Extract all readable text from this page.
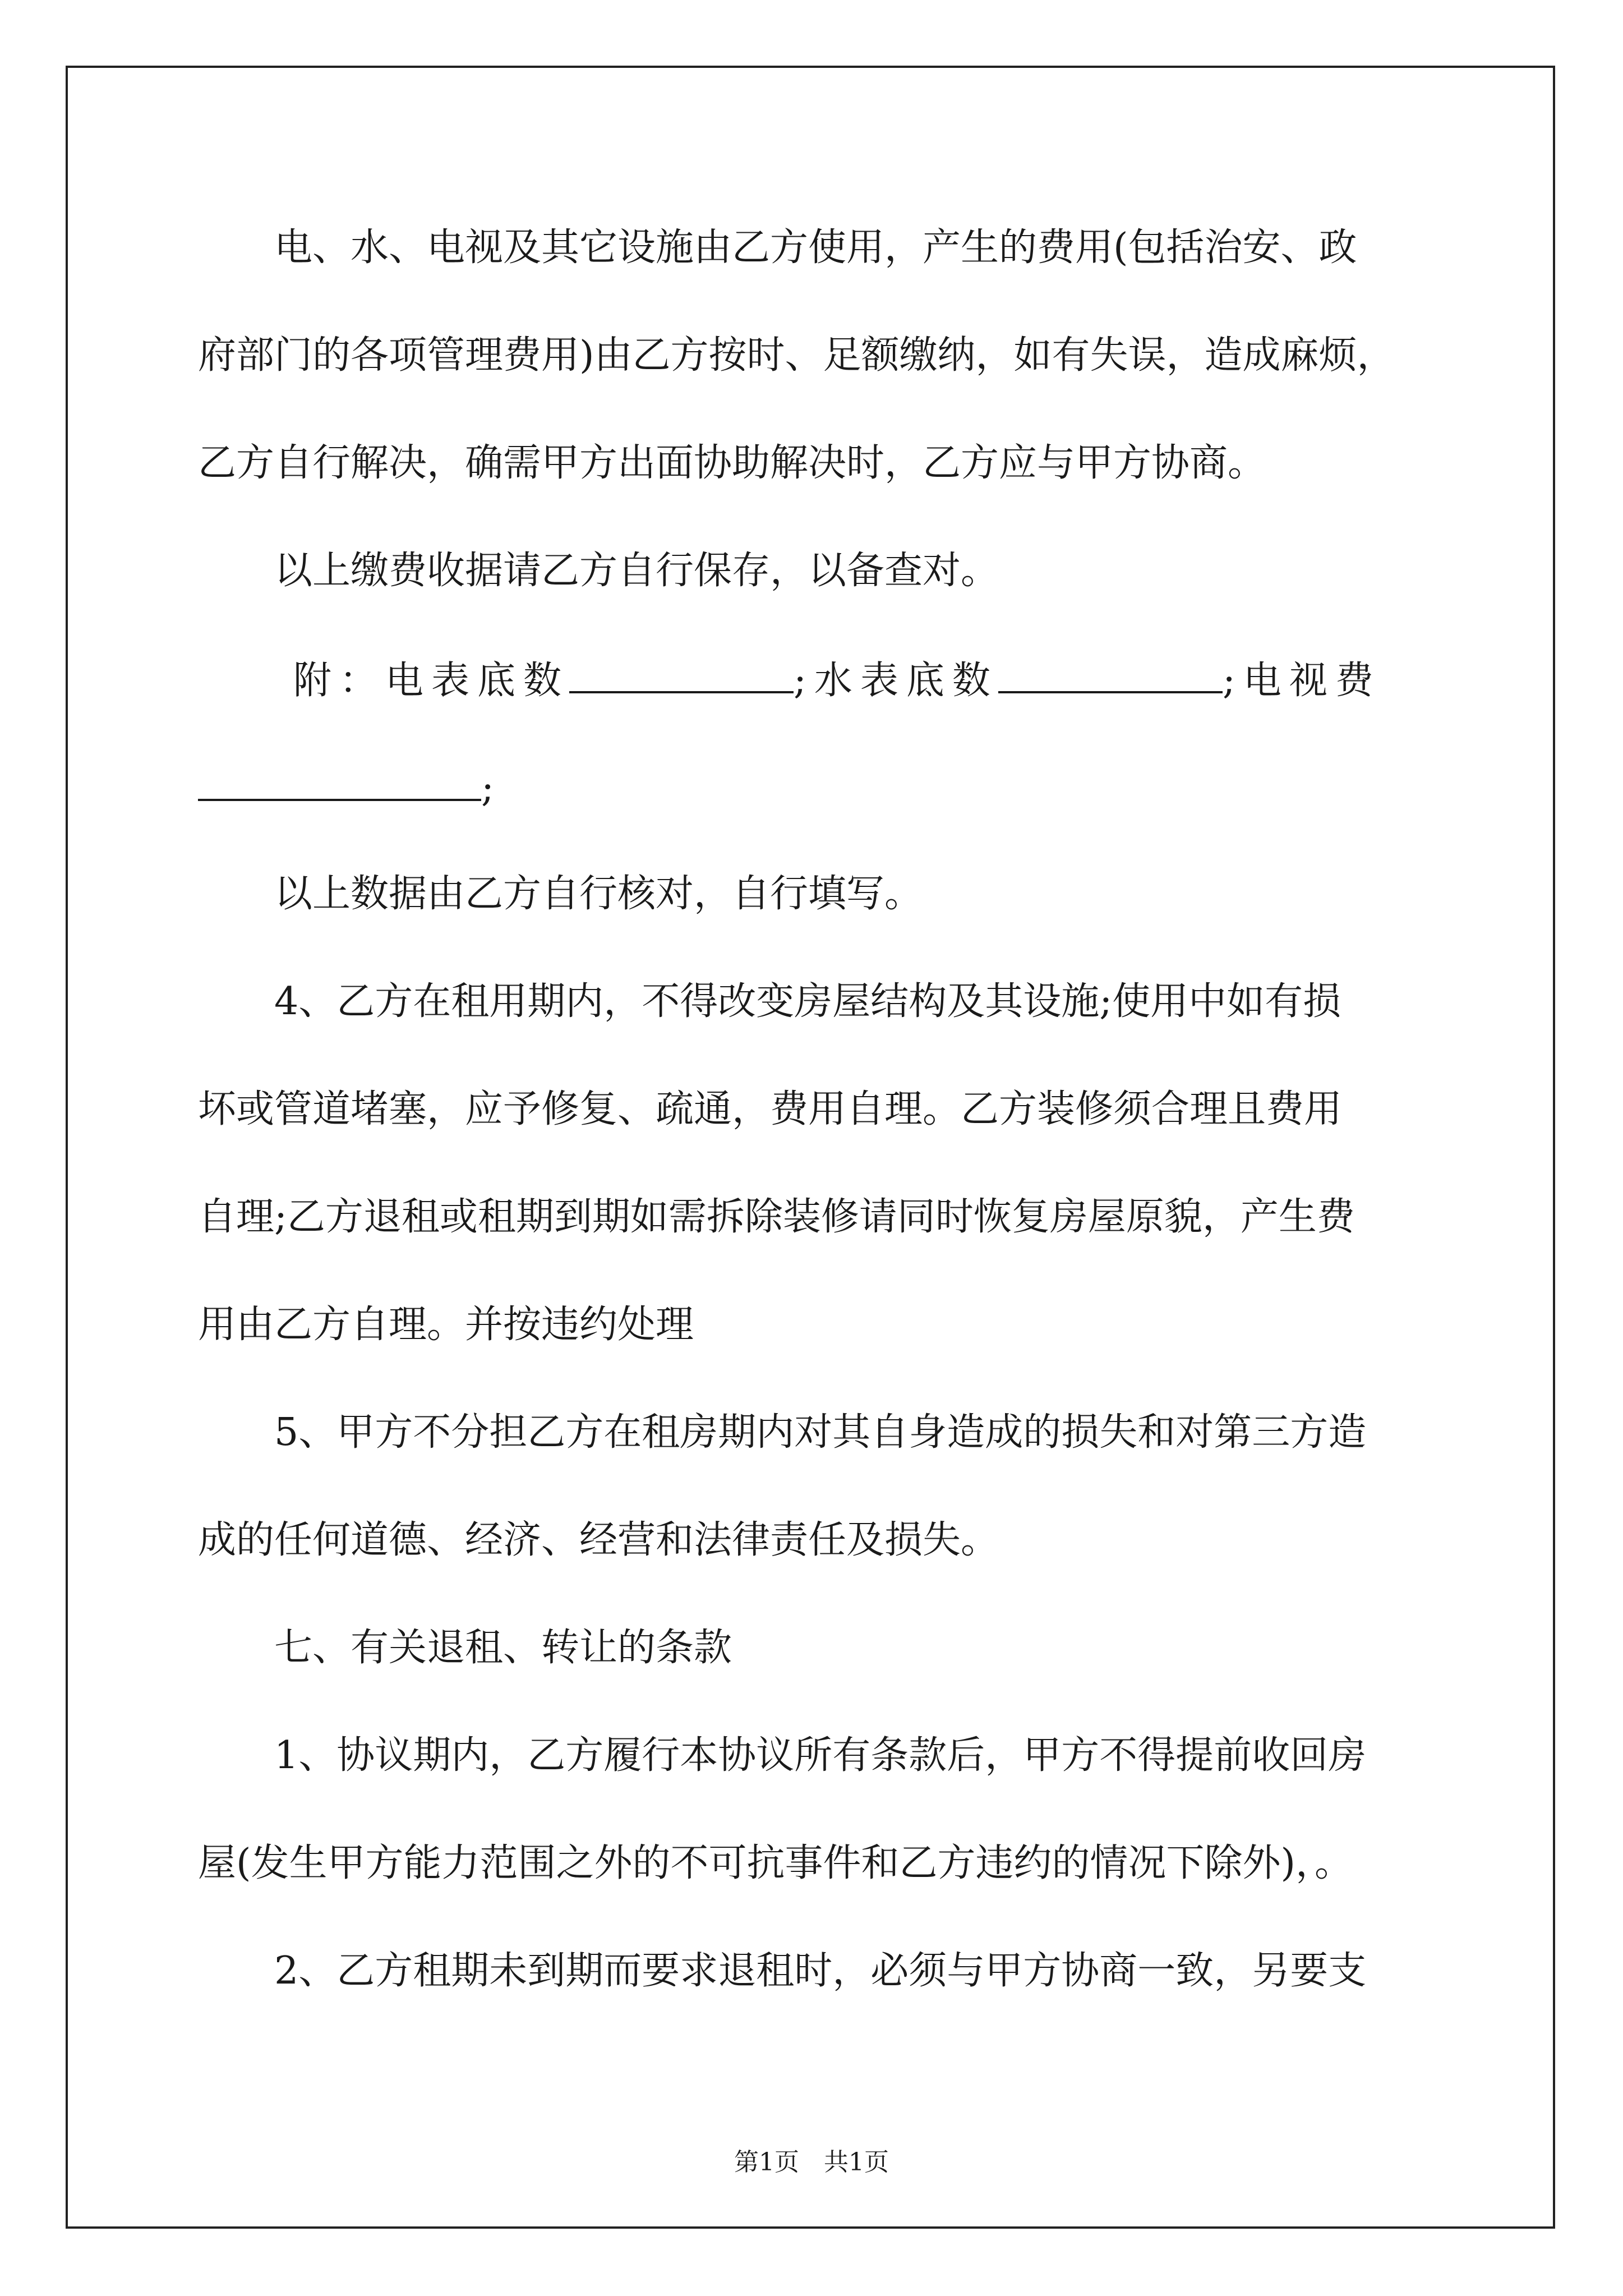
　　电、水、电视及其它设施由乙方使用，产生的费用(包括治安、政
府部门的各项管理费用)由乙方按时、足额缴纳，如有失误，造成麻烦，
乙方自行解决，确需甲方出面协助解决时，乙方应与甲方协商。
　　以上缴费收据请乙方自行保存，以备查对。
附：电表底数	;水表底数	;电视费
;
　　以上数据由乙方自行核对，自行填写。
　　4、乙方在租用期内，不得改变房屋结构及其设施;使用中如有损
坏或管道堵塞，应予修复、疏通，费用自理。乙方装修须合理且费用
自理;乙方退租或租期到期如需拆除装修请同时恢复房屋原貌，产生费
用由乙方自理。并按违约处理
　　5、甲方不分担乙方在租房期内对其自身造成的损失和对第三方造
成的任何道德、经济、经营和法律责任及损失。
　　七、有关退租、转让的条款
　　1、协议期内，乙方履行本协议所有条款后，甲方不得提前收回房
屋(发生甲方能力范围之外的不可抗事件和乙方违约的情况下除外)，。
　　2、乙方租期未到期而要求退租时，必须与甲方协商一致，另要支
第1页　共1页
